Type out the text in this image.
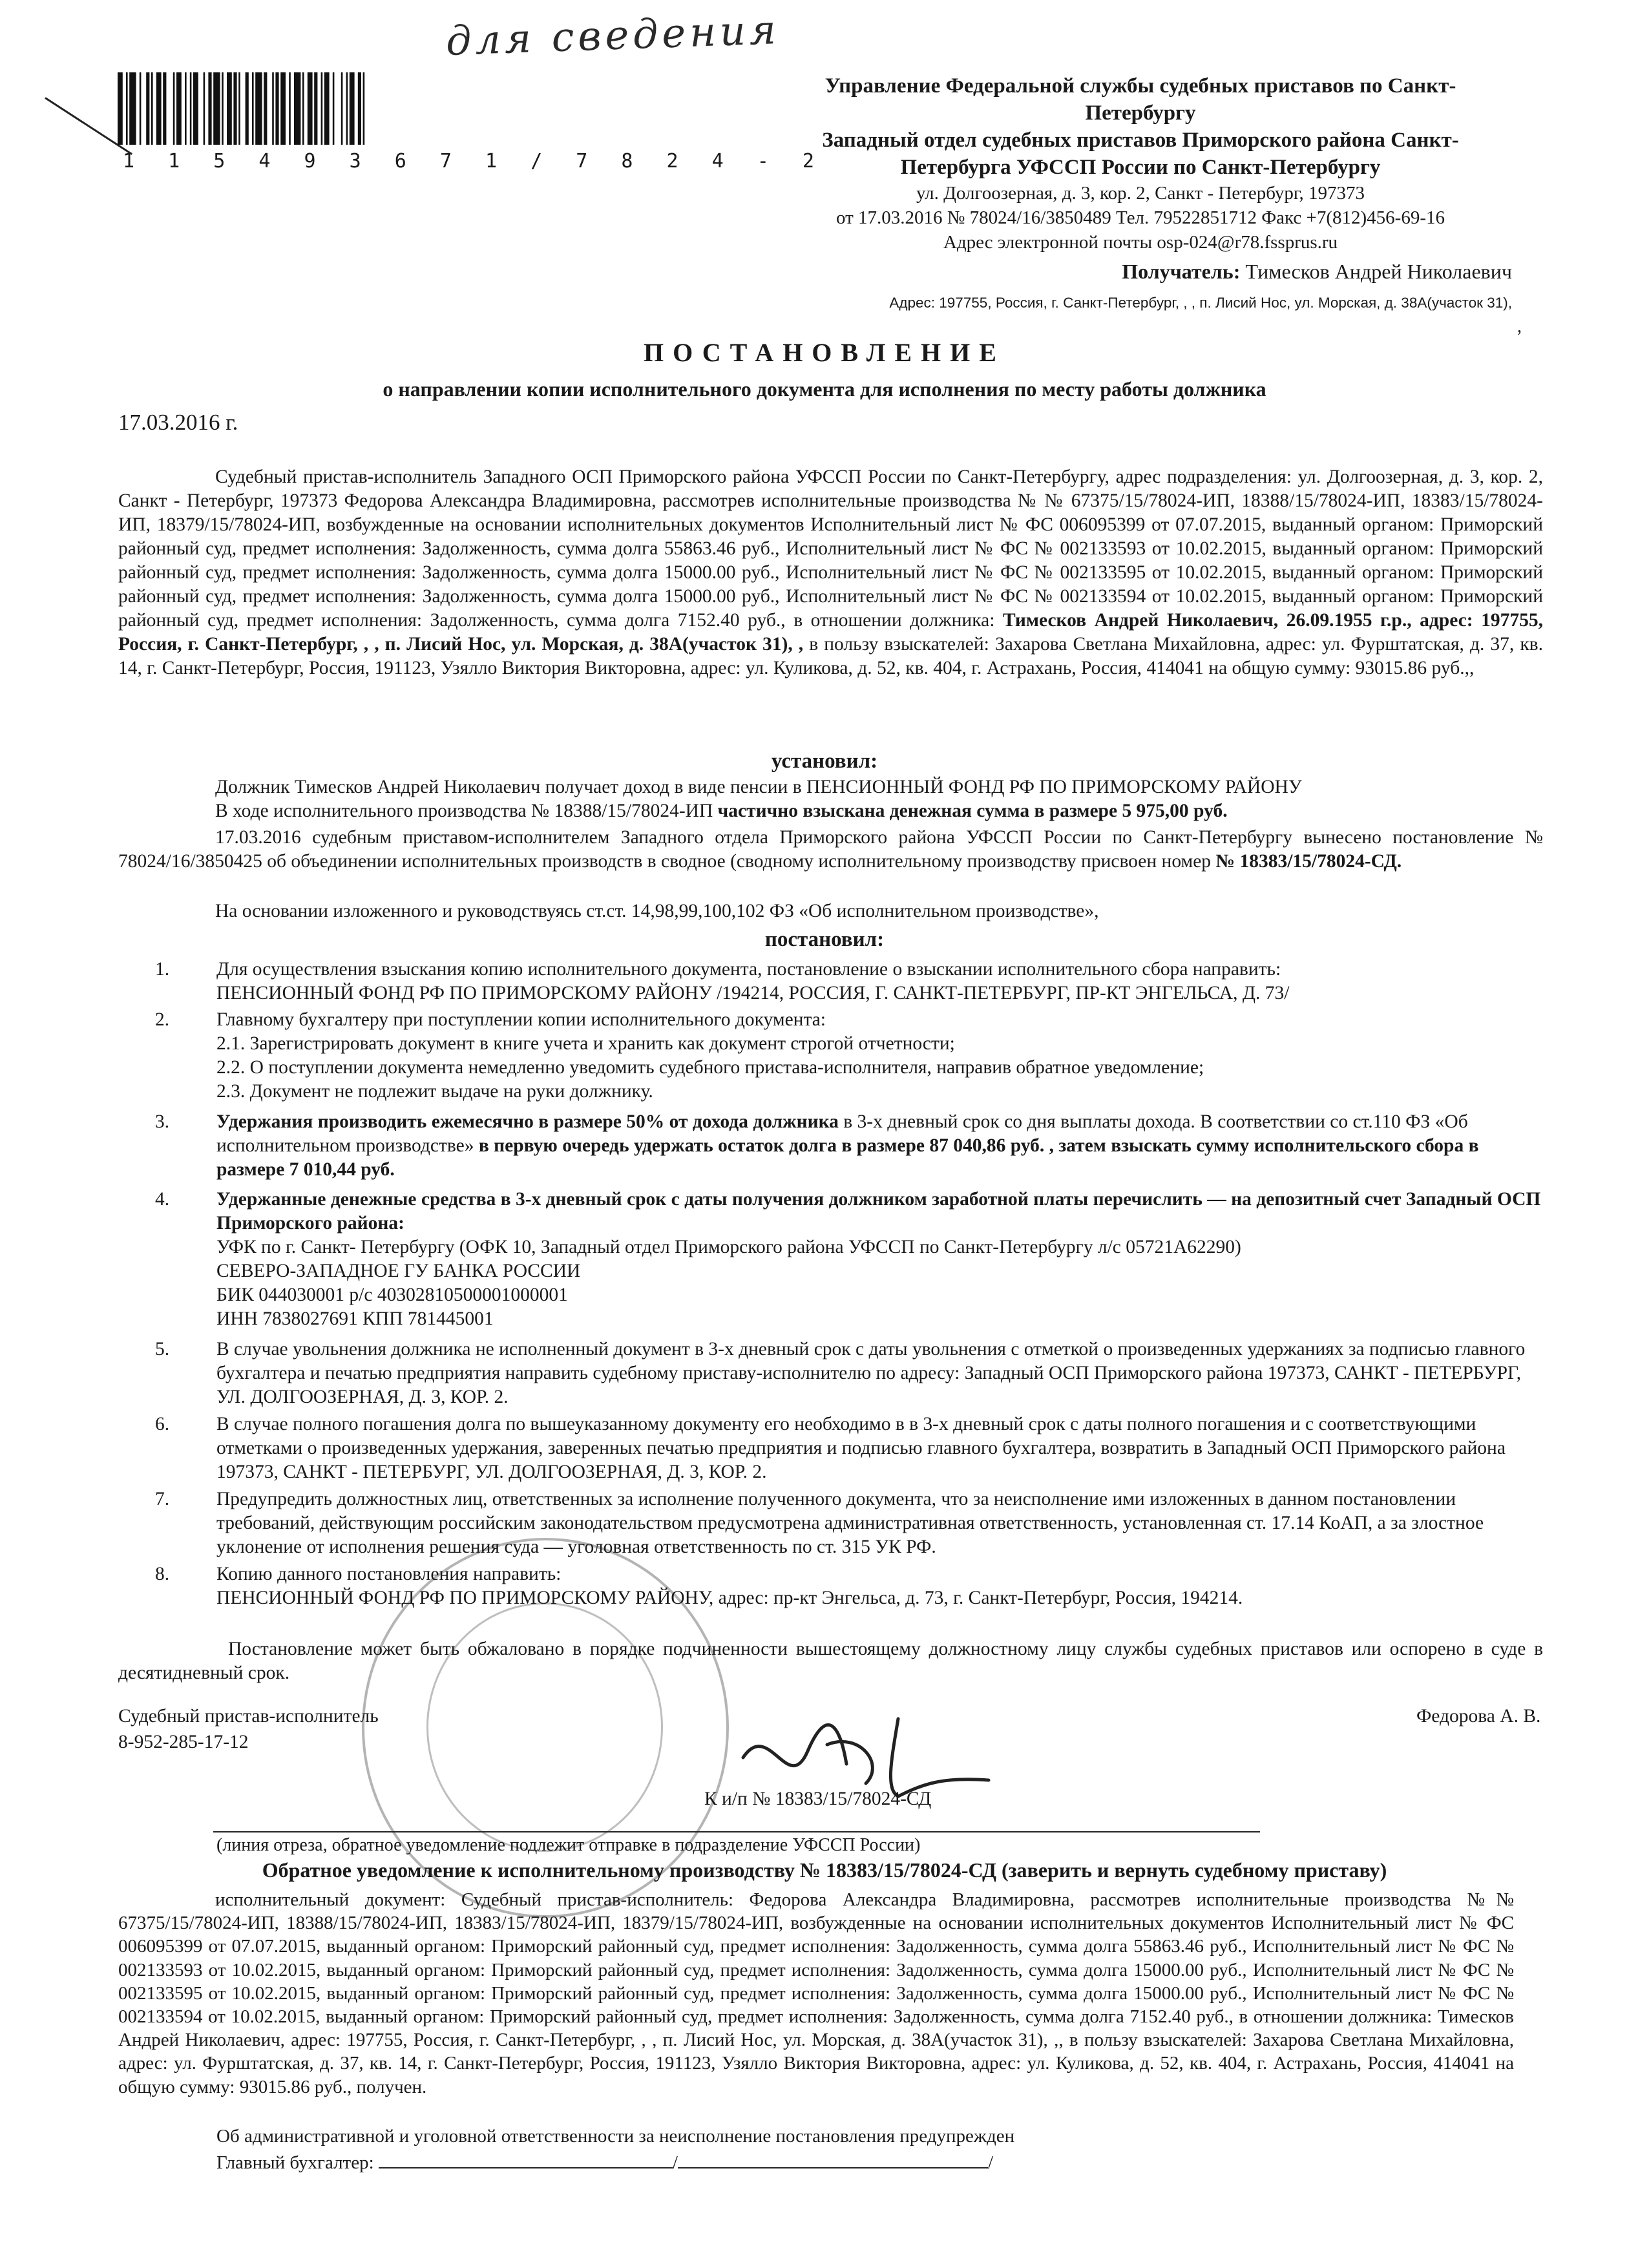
для сведения
1 1 5 4 9 3 6 7 1 / 7 8 2 4 - 2
Управление Федеральной службы судебных приставов по Санкт-
Петербургу
Западный отдел судебных приставов Приморского района Санкт-
Петербурга УФССП России по Санкт-Петербургу
ул. Долгоозерная, д. 3, кор. 2, Санкт - Петербург, 197373
от 17.03.2016 № 78024/16/3850489 Тел. 79522851712 Факс +7(812)456-69-16
Адрес электронной почты osp-024@r78.fssprus.ru
Получатель: Тимесков Андрей Николаевич
Адрес: 197755, Россия, г. Санкт-Петербург, , , п. Лисий Нос, ул. Морская, д. 38А(участок 31),
,
ПОСТАНОВЛЕНИЕ
о направлении копии исполнительного документа для исполнения по месту работы должника
17.03.2016 г.
Судебный пристав-исполнитель Западного ОСП Приморского района УФССП России по Санкт-Петербургу, адрес подразделения: ул. Долгоозерная, д. 3, кор. 2, Санкт - Петербург, 197373 Федорова Александра Владимировна, рассмотрев исполнительные производства № № 67375/15/78024-ИП, 18388/15/78024-ИП, 18383/15/78024-ИП, 18379/15/78024-ИП, возбужденные на основании исполнительных документов Исполнительный лист № ФС 006095399 от 07.07.2015, выданный органом: Приморский районный суд, предмет исполнения: Задолженность, сумма долга 55863.46 руб., Исполнительный лист № ФС № 002133593 от 10.02.2015, выданный органом: Приморский районный суд, предмет исполнения: Задолженность, сумма долга 15000.00 руб., Исполнительный лист № ФС № 002133595 от 10.02.2015, выданный органом: Приморский районный суд, предмет исполнения: Задолженность, сумма долга 15000.00 руб., Исполнительный лист № ФС № 002133594 от 10.02.2015, выданный органом: Приморский районный суд, предмет исполнения: Задолженность, сумма долга 7152.40 руб., в отношении должника: Тимесков Андрей Николаевич, 26.09.1955 г.р., адрес: 197755, Россия, г. Санкт-Петербург, , , п. Лисий Нос, ул. Морская, д. 38А(участок 31), , в пользу взыскателей: Захарова Светлана Михайловна, адрес: ул. Фурштатская, д. 37, кв. 14, г. Санкт-Петербург, Россия, 191123, Узялло Виктория Викторовна, адрес: ул. Куликова, д. 52, кв. 404, г. Астрахань, Россия, 414041 на общую сумму: 93015.86 руб.,,
установил:
Должник Тимесков Андрей Николаевич получает доход в виде пенсии в ПЕНСИОННЫЙ ФОНД РФ ПО ПРИМОРСКОМУ РАЙОНУ
В ходе исполнительного производства № 18388/15/78024-ИП частично взыскана денежная сумма в размере 5 975,00 руб.
17.03.2016 судебным приставом-исполнителем Западного отдела Приморского района УФССП России по Санкт-Петербургу вынесено постановление № 78024/16/3850425 об объединении исполнительных производств в сводное (сводному исполнительному производству присвоен номер № 18383/15/78024-СД.
На основании изложенного и руководствуясь ст.ст. 14,98,99,100,102 ФЗ «Об исполнительном производстве»,
постановил:
1. Для осуществления взыскания копию исполнительного документа, постановление о взыскании исполнительного сбора направить:
ПЕНСИОННЫЙ ФОНД РФ ПО ПРИМОРСКОМУ РАЙОНУ /194214, РОССИЯ, Г. САНКТ-ПЕТЕРБУРГ, ПР-КТ ЭНГЕЛЬСА, Д. 73/
2. Главному бухгалтеру при поступлении копии исполнительного документа:
2.1. Зарегистрировать документ в книге учета и хранить как документ строгой отчетности;
2.2. О поступлении документа немедленно уведомить судебного пристава-исполнителя, направив обратное уведомление;
2.3. Документ не подлежит выдаче на руки должнику.
3. Удержания производить ежемесячно в размере 50% от дохода должника в 3-х дневный срок со дня выплаты дохода. В соответствии со ст.110 ФЗ «Об исполнительном производстве» в первую очередь удержать остаток долга в размере 87 040,86 руб. , затем взыскать сумму исполнительского сбора в размере 7 010,44 руб.
4. Удержанные денежные средства в 3-х дневный срок с даты получения должником заработной платы перечислить — на депозитный счет Западный ОСП Приморского района:
УФК по г. Санкт- Петербургу (ОФК 10, Западный отдел Приморского района УФССП по Санкт-Петербургу л/с 05721А62290)
СЕВЕРО-ЗАПАДНОЕ ГУ БАНКА РОССИИ
БИК 044030001 р/с 40302810500001000001
ИНН 7838027691 КПП 781445001
5. В случае увольнения должника не исполненный документ в 3-х дневный срок с даты увольнения с отметкой о произведенных удержаниях за подписью главного бухгалтера и печатью предприятия направить судебному приставу-исполнителю по адресу: Западный ОСП Приморского района 197373, САНКТ - ПЕТЕРБУРГ, УЛ. ДОЛГООЗЕРНАЯ, Д. 3, КОР. 2.
6. В случае полного погашения долга по вышеуказанному документу его необходимо в в 3-х дневный срок с даты полного погашения и с соответствующими отметками о произведенных удержания, заверенных печатью предприятия и подписью главного бухгалтера, возвратить в Западный ОСП Приморского района 197373, САНКТ - ПЕТЕРБУРГ, УЛ. ДОЛГООЗЕРНАЯ, Д. 3, КОР. 2.
7. Предупредить должностных лиц, ответственных за исполнение полученного документа, что за неисполнение ими изложенных в данном постановлении требований, действующим российским законодательством предусмотрена административная ответственность, установленная ст. 17.14 КоАП, а за злостное уклонение от исполнения решения суда — уголовная ответственность по ст. 315 УК РФ.
8. Копию данного постановления направить:
ПЕНСИОННЫЙ ФОНД РФ ПО ПРИМОРСКОМУ РАЙОНУ, адрес: пр-кт Энгельса, д. 73, г. Санкт-Петербург, Россия, 194214.
Постановление может быть обжаловано в порядке подчиненности вышестоящему должностному лицу службы судебных приставов или оспорено в суде в десятидневный срок.
Судебный пристав-исполнитель
8-952-285-17-12
Федорова А. В.
К и/п № 18383/15/78024-СД
(линия отреза, обратное уведомление подлежит отправке в подразделение УФССП России)
Обратное уведомление к исполнительному производству № 18383/15/78024-СД (заверить и вернуть судебному приставу)
исполнительный документ: Судебный пристав-исполнитель: Федорова Александра Владимировна, рассмотрев исполнительные производства №№ 67375/15/78024-ИП, 18388/15/78024-ИП, 18383/15/78024-ИП, 18379/15/78024-ИП, возбужденные на основании исполнительных документов Исполнительный лист № ФС 006095399 от 07.07.2015, выданный органом: Приморский районный суд, предмет исполнения: Задолженность, сумма долга 55863.46 руб., Исполнительный лист № ФС № 002133593 от 10.02.2015, выданный органом: Приморский районный суд, предмет исполнения: Задолженность, сумма долга 15000.00 руб., Исполнительный лист № ФС № 002133595 от 10.02.2015, выданный органом: Приморский районный суд, предмет исполнения: Задолженность, сумма долга 15000.00 руб., Исполнительный лист № ФС № 002133594 от 10.02.2015, выданный органом: Приморский районный суд, предмет исполнения: Задолженность, сумма долга 7152.40 руб., в отношении должника: Тимесков Андрей Николаевич, адрес: 197755, Россия, г. Санкт-Петербург, , , п. Лисий Нос, ул. Морская, д. 38А(участок 31), ,, в пользу взыскателей: Захарова Светлана Михайловна, адрес: ул. Фурштатская, д. 37, кв. 14, г. Санкт-Петербург, Россия, 191123, Узялло Виктория Викторовна, адрес: ул. Куликова, д. 52, кв. 404, г. Астрахань, Россия, 414041 на общую сумму: 93015.86 руб., получен.
Об административной и уголовной ответственности за неисполнение постановления предупрежден
Главный бухгалтер:	/	/
